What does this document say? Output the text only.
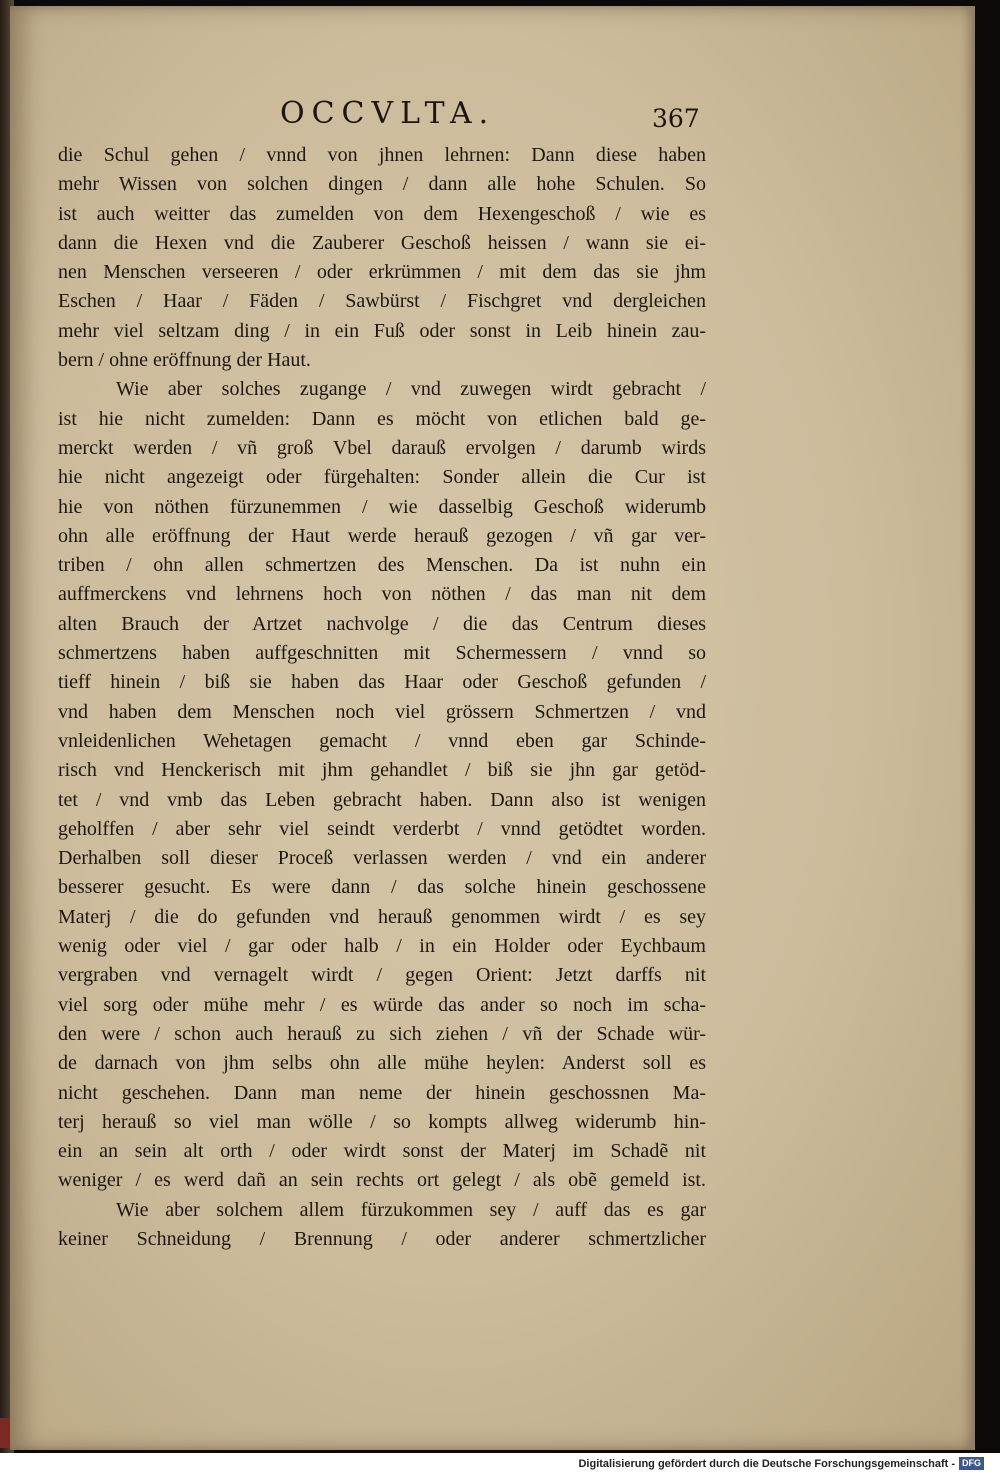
OCCVLTA.	367
die Schul gehen / vnnd von jhnen lehrnen: Dann diese haben
mehr Wissen von solchen dingen / dann alle hohe Schulen. So
ist auch weitter das zumelden von dem Hexengeschoß / wie es
dann die Hexen vnd die Zauberer Geschoß heissen / wann sie ei-
nen Menschen verseeren / oder erkrümmen / mit dem das sie jhm
Eschen / Haar / Fäden / Sawbürst / Fischgret vnd dergleichen
mehr viel seltzam ding / in ein Fuß oder sonst in Leib hinein zau-
bern / ohne eröffnung der Haut.
Wie aber solches zugange / vnd zuwegen wirdt gebracht /
ist hie nicht zumelden: Dann es möcht von etlichen bald ge-
merckt werden / vñ groß Vbel darauß ervolgen / darumb wirds
hie nicht angezeigt oder fürgehalten: Sonder allein die Cur ist
hie von nöthen fürzunemmen / wie dasselbig Geschoß widerumb
ohn alle eröffnung der Haut werde herauß gezogen / vñ gar ver-
triben / ohn allen schmertzen des Menschen. Da ist nuhn ein
auffmerckens vnd lehrnens hoch von nöthen / das man nit dem
alten Brauch der Artzet nachvolge / die das Centrum dieses
schmertzens haben auffgeschnitten mit Schermessern / vnnd so
tieff hinein / biß sie haben das Haar oder Geschoß gefunden /
vnd haben dem Menschen noch viel grössern Schmertzen / vnd
vnleidenlichen Wehetagen gemacht / vnnd eben gar Schinde-
risch vnd Henckerisch mit jhm gehandlet / biß sie jhn gar getöd-
tet / vnd vmb das Leben gebracht haben. Dann also ist wenigen
geholffen / aber sehr viel seindt verderbt / vnnd getödtet worden.
Derhalben soll dieser Proceß verlassen werden / vnd ein anderer
besserer gesucht. Es were dann / das solche hinein geschossene
Materj / die do gefunden vnd herauß genommen wirdt / es sey
wenig oder viel / gar oder halb / in ein Holder oder Eychbaum
vergraben vnd vernagelt wirdt / gegen Orient: Jetzt darffs nit
viel sorg oder mühe mehr / es würde das ander so noch im scha-
den were / schon auch herauß zu sich ziehen / vñ der Schade wür-
de darnach von jhm selbs ohn alle mühe heylen: Anderst soll es
nicht geschehen. Dann man neme der hinein geschossnen Ma-
terj herauß so viel man wölle / so kompts allweg widerumb hin-
ein an sein alt orth / oder wirdt sonst der Materj im Schadẽ nit
weniger / es werd dañ an sein rechts ort gelegt / als obẽ gemeld ist.
Wie aber solchem allem fürzukommen sey / auff das es gar
keiner Schneidung / Brennung / oder anderer schmertzlicher
Digitalisierung gefördert durch die Deutsche Forschungsgemeinschaft - DFG
